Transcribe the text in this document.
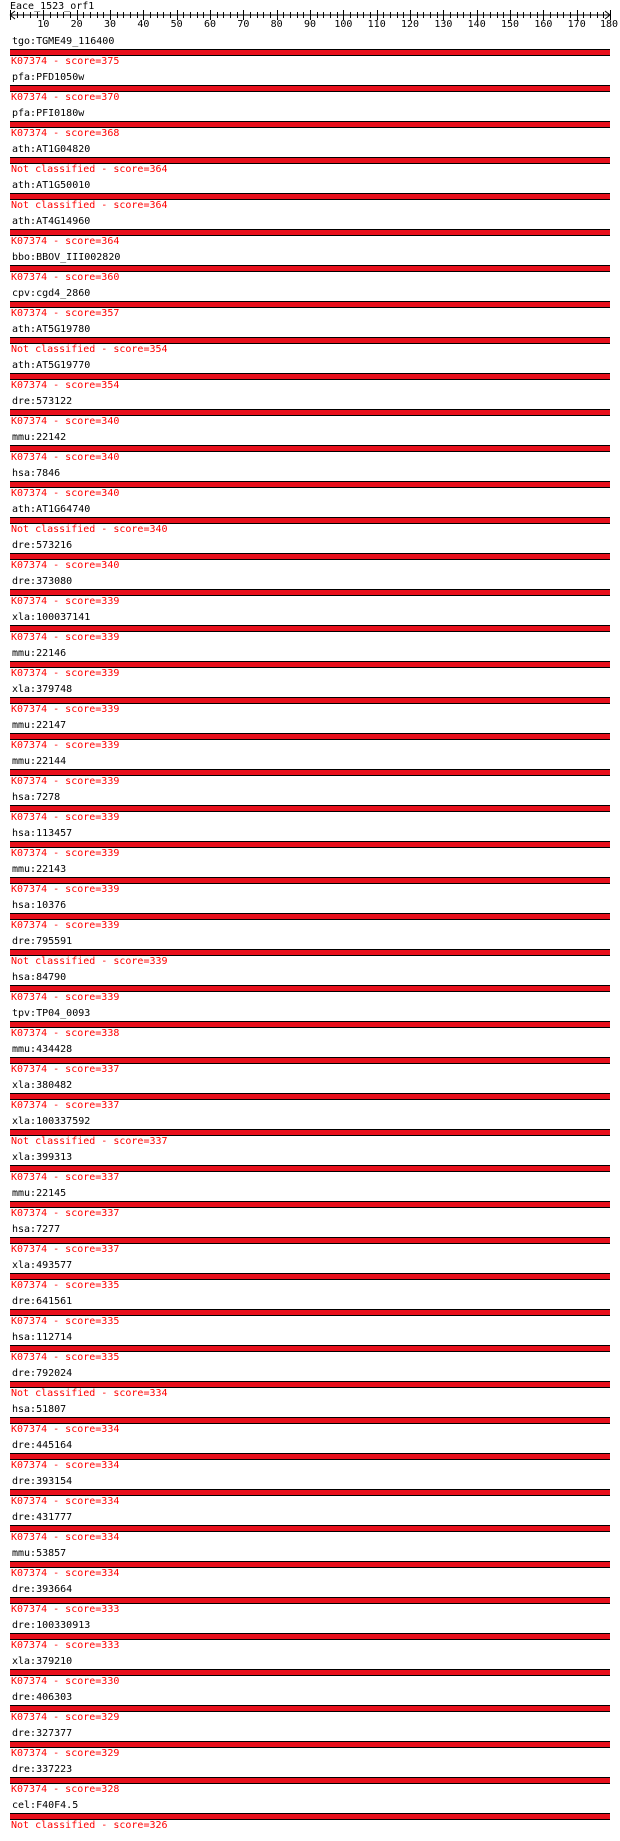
Eace_1523_orf1
10 20 30 40 50 60 70 80 90 100 110 120 130 140 150 160 170 180
tgo:TGME49_116400
K07374 - score=375
pfa:PFD1050w
K07374 - score=370
pfa:PFI0180w
K07374 - score=368
ath:AT1G04820
Not classified - score=364
ath:AT1G50010
Not classified - score=364
ath:AT4G14960
K07374 - score=364
bbo:BBOV_III002820
K07374 - score=360
cpv:cgd4_2860
K07374 - score=357
ath:AT5G19780
Not classified - score=354
ath:AT5G19770
K07374 - score=354
dre:573122
K07374 - score=340
mmu:22142
K07374 - score=340
hsa:7846
K07374 - score=340
ath:AT1G64740
Not classified - score=340
dre:573216
K07374 - score=340
dre:373080
K07374 - score=339
xla:100037141
K07374 - score=339
mmu:22146
K07374 - score=339
xla:379748
K07374 - score=339
mmu:22147
K07374 - score=339
mmu:22144
K07374 - score=339
hsa:7278
K07374 - score=339
hsa:113457
K07374 - score=339
mmu:22143
K07374 - score=339
hsa:10376
K07374 - score=339
dre:795591
Not classified - score=339
hsa:84790
K07374 - score=339
tpv:TP04_0093
K07374 - score=338
mmu:434428
K07374 - score=337
xla:380482
K07374 - score=337
xla:100337592
Not classified - score=337
xla:399313
K07374 - score=337
mmu:22145
K07374 - score=337
hsa:7277
K07374 - score=337
xla:493577
K07374 - score=335
dre:641561
K07374 - score=335
hsa:112714
K07374 - score=335
dre:792024
Not classified - score=334
hsa:51807
K07374 - score=334
dre:445164
K07374 - score=334
dre:393154
K07374 - score=334
dre:431777
K07374 - score=334
mmu:53857
K07374 - score=334
dre:393664
K07374 - score=333
dre:100330913
K07374 - score=333
xla:379210
K07374 - score=330
dre:406303
K07374 - score=329
dre:327377
K07374 - score=329
dre:337223
K07374 - score=328
cel:F40F4.5
Not classified - score=326
